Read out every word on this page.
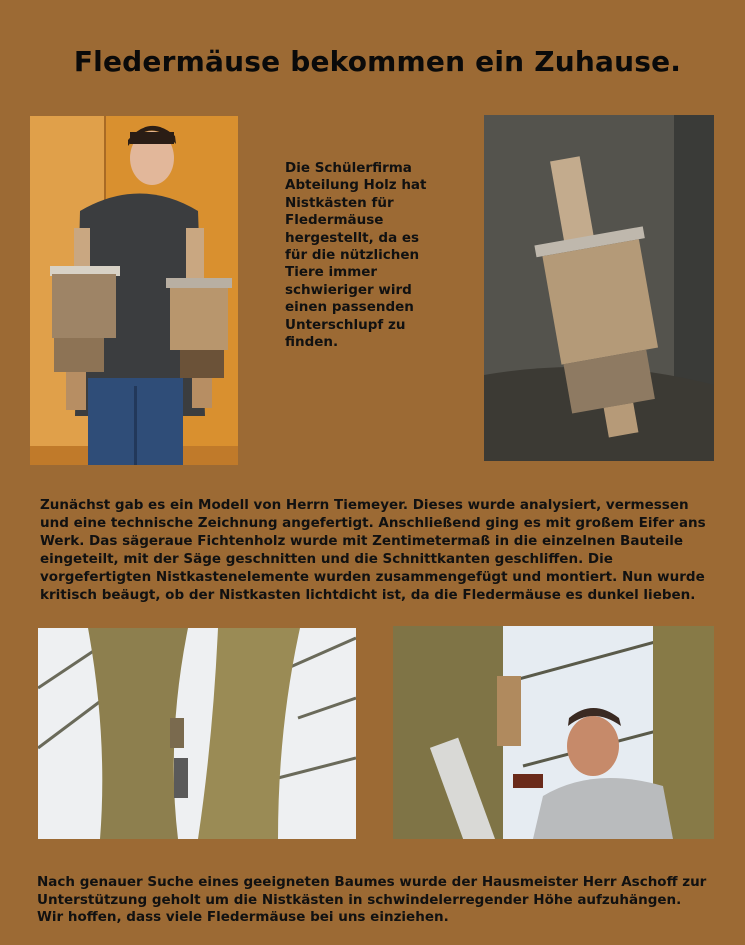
Fledermäuse bekommen ein Zuhause.
Die Schülerfirma Abteilung Holz hat Nistkästen für Fledermäuse hergestellt, da es für die nützlichen Tiere immer schwieriger wird einen passenden Unterschlupf zu finden.

Zunächst gab es ein Modell von Herrn Tiemeyer. Dieses wurde analysiert, vermessen und eine technische Zeichnung angefertigt. Anschließend ging es mit großem Eifer ans Werk. Das sägeraue Fichtenholz wurde mit Zentimetermaß in die einzelnen Bauteile eingeteilt, mit der Säge geschnitten und die Schnittkanten geschliffen. Die vorgefertigten Nistkastenelemente wurden zusammengefügt und montiert. Nun wurde kritisch beäugt, ob der Nistkasten lichtdicht ist, da die Fledermäuse es dunkel lieben.

Nach genauer Suche eines geeigneten Baumes wurde der Hausmeister Herr Aschoff zur Unterstützung geholt um die Nistkästen in schwindelerregender Höhe aufzuhängen.

Wir hoffen, dass viele Fledermäuse bei uns einziehen.
